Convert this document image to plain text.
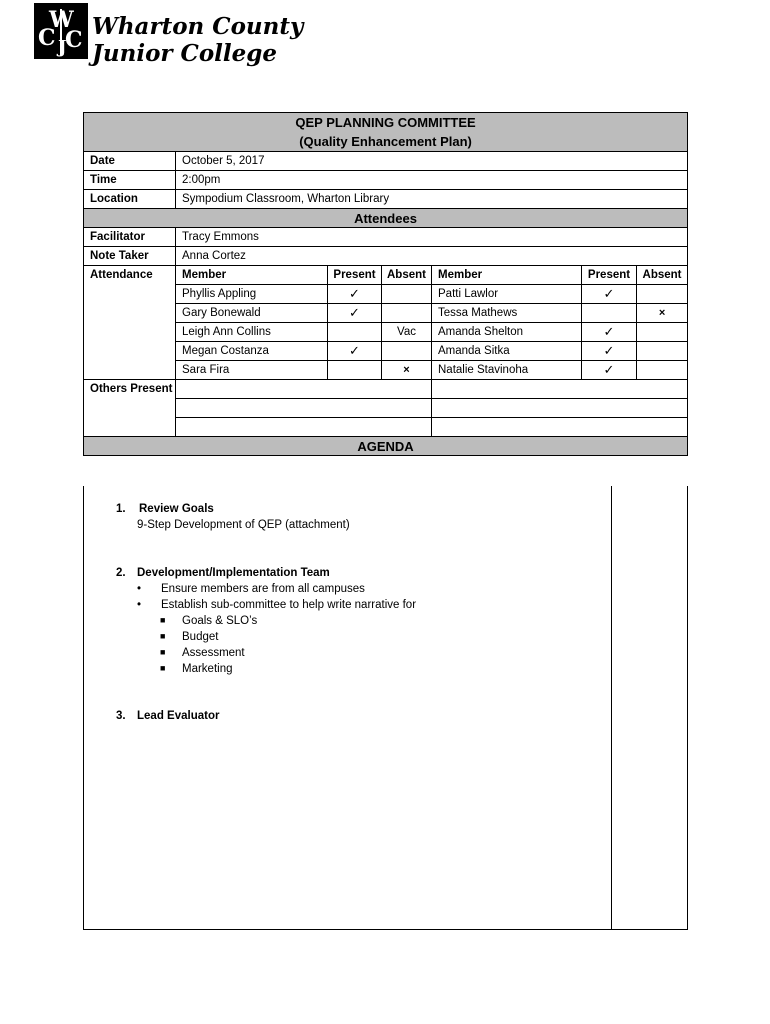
W
C J
C Wharton County
Junior College
QEP PLANNING COMMITTEE
(Quality Enhancement Plan)						

Date	October 5, 2017					
Time	2:00pm					
Location	Sympodium Classroom, Wharton Library					
Attendees						
Facilitator	Tracy Emmons					
Note Taker	Anna Cortez					
Attendance	Member	Present	Absent	Member	Present	Absent
	Phyllis Appling	✓		Patti Lawlor	✓	
	Gary Bonewald	✓		Tessa Mathews		×
	Leigh Ann Collins		Vac	Amanda Shelton	✓	
	Megan Costanza	✓		Amanda Sitka	✓	
	Sara Fira		×	Natalie Stavinoha	✓	
Others Present						

AGENDA						
1. Review Goals
9-Step Development of QEP (attachment)
2. Development/Implementation Team
• Ensure members are from all campuses
• Establish sub-committee to help write narrative for
■ Goals & SLO’s
■ Budget
■ Assessment
■ Marketing
3. Lead Evaluator
